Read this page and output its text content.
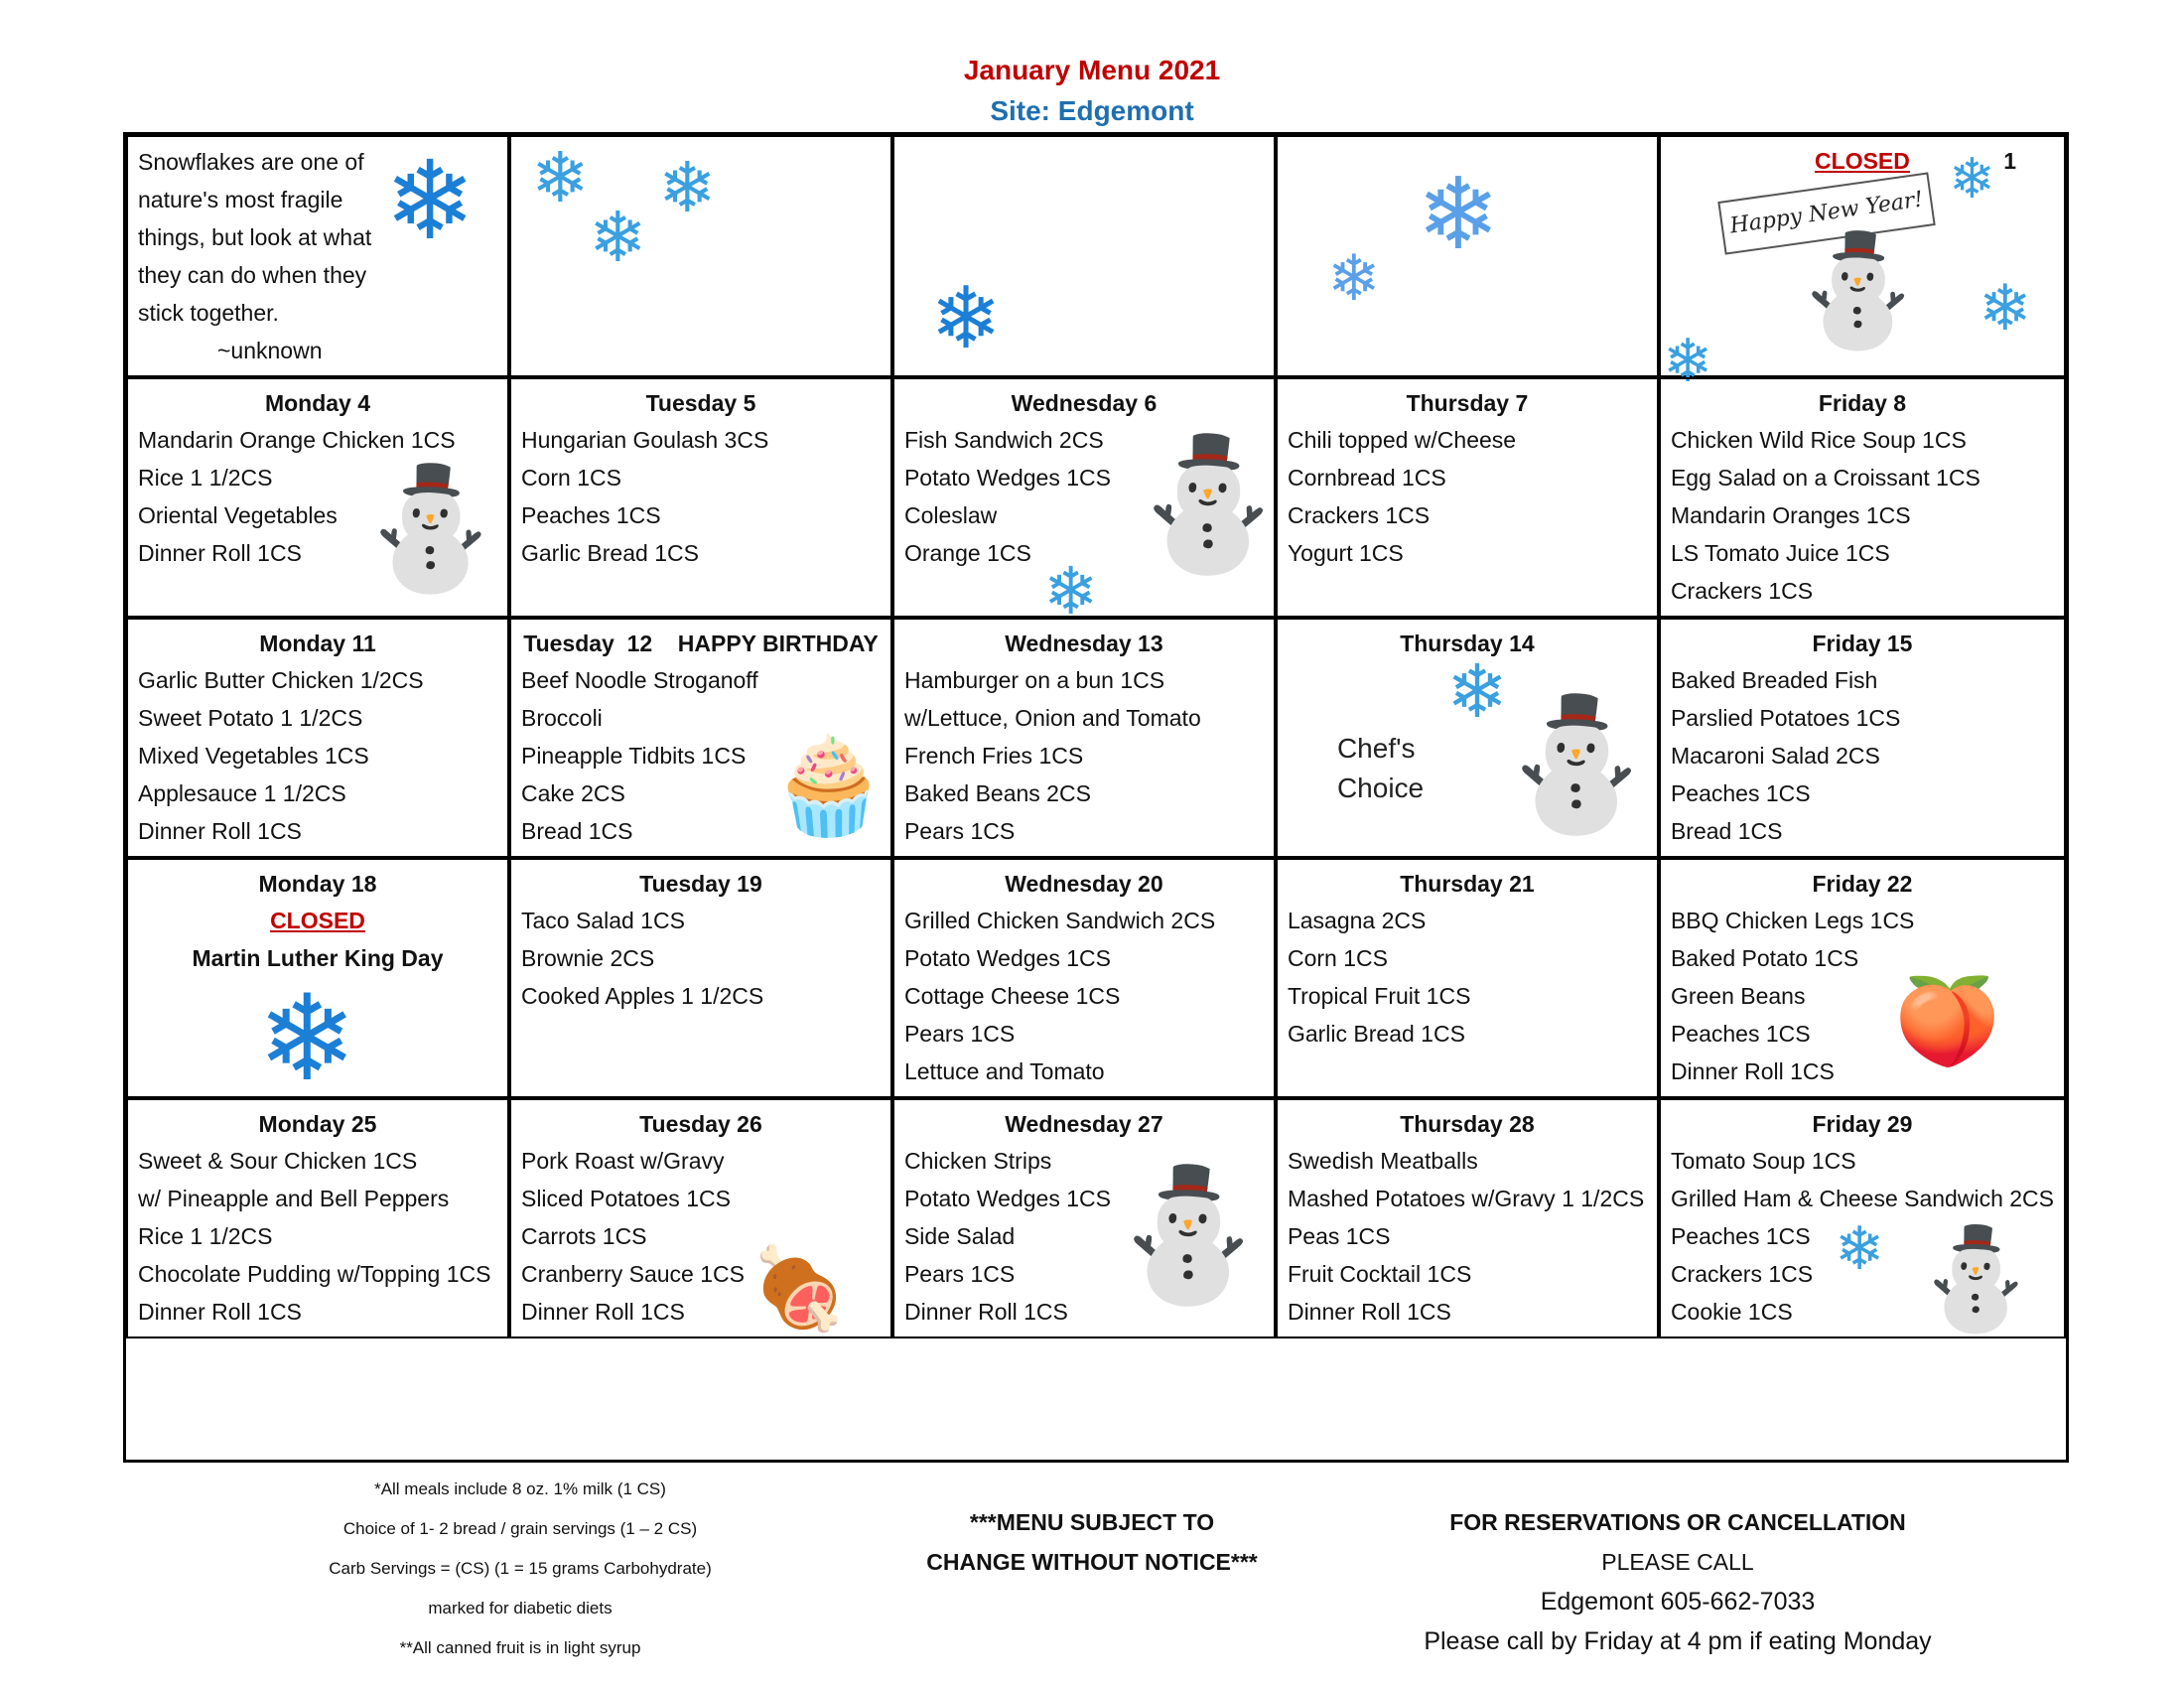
January Menu 2021
Site: Edgemont
Snowflakes are one of
nature's most fragile
things, but look at what
they can do when they
stick together.
~unknown
❄ ❄ ❄
❄
❄
❄
❄
CLOSED	1
Happy New Year!
⛄
❄
❄
❄
Monday 4
Mandarin Orange Chicken 1CS
Rice 1 1/2CS
Oriental Vegetables
Dinner Roll 1CS ⛄
Tuesday 5
Hungarian Goulash 3CS
Corn 1CS
Peaches 1CS
Garlic Bread 1CS
Wednesday 6
Fish Sandwich 2CS
Potato Wedges 1CS
Coleslaw
Orange 1CS ⛄
❄
Thursday 7
Chili topped w/Cheese
Cornbread 1CS
Crackers 1CS
Yogurt 1CS
Friday 8
Chicken Wild Rice Soup 1CS
Egg Salad on a Croissant 1CS
Mandarin Oranges 1CS
LS Tomato Juice 1CS
Crackers 1CS
Monday 11
Garlic Butter Chicken 1/2CS
Sweet Potato 1 1/2CS
Mixed Vegetables 1CS
Applesauce 1 1/2CS
Dinner Roll 1CS
Tuesday  12    HAPPY BIRTHDAY
Beef Noodle Stroganoff
Broccoli
Pineapple Tidbits 1CS
Cake 2CS
Bread 1CS	🧁
Wednesday 13
Hamburger on a bun 1CS
w/Lettuce, Onion and Tomato
French Fries 1CS
Baked Beans 2CS
Pears 1CS
Thursday 14
Chef's
Choice
❄
⛄
Friday 15
Baked Breaded Fish
Parslied Potatoes 1CS
Macaroni Salad 2CS
Peaches 1CS
Bread 1CS
Monday 18
CLOSED
Martin Luther King Day
❄
Tuesday 19
Taco Salad 1CS
Brownie 2CS
Cooked Apples 1 1/2CS
Wednesday 20
Grilled Chicken Sandwich 2CS
Potato Wedges 1CS
Cottage Cheese 1CS
Pears 1CS
Lettuce and Tomato
Thursday 21
Lasagna 2CS
Corn 1CS
Tropical Fruit 1CS
Garlic Bread 1CS
Friday 22
BBQ Chicken Legs 1CS
Baked Potato 1CS
Green Beans
Peaches 1CS
Dinner Roll 1CS
🍑
Monday 25
Sweet & Sour Chicken 1CS
w/ Pineapple and Bell Peppers
Rice 1 1/2CS
Chocolate Pudding w/Topping 1CS
Dinner Roll 1CS
Tuesday 26
Pork Roast w/Gravy
Sliced Potatoes 1CS
Carrots 1CS
Cranberry Sauce 1CS
Dinner Roll 1CS 🍖
Wednesday 27
Chicken Strips
Potato Wedges 1CS
Side Salad
Pears 1CS
Dinner Roll 1CS
⛄
Thursday 28
Swedish Meatballs
Mashed Potatoes w/Gravy 1 1/2CS
Peas 1CS
Fruit Cocktail 1CS
Dinner Roll 1CS
Friday 29
Tomato Soup 1CS
Grilled Ham & Cheese Sandwich 2CS
Peaches 1CS
Crackers 1CS
Cookie 1CS
❄ ⛄
*All meals include 8 oz. 1% milk (1 CS)
Choice of 1- 2 bread / grain servings (1 – 2 CS)
Carb Servings = (CS) (1 = 15 grams Carbohydrate)
marked for diabetic diets
**All canned fruit is in light syrup
***MENU SUBJECT TO
CHANGE WITHOUT NOTICE***
FOR RESERVATIONS OR CANCELLATION
PLEASE CALL
Edgemont 605-662-7033
Please call by Friday at 4 pm if eating Monday
